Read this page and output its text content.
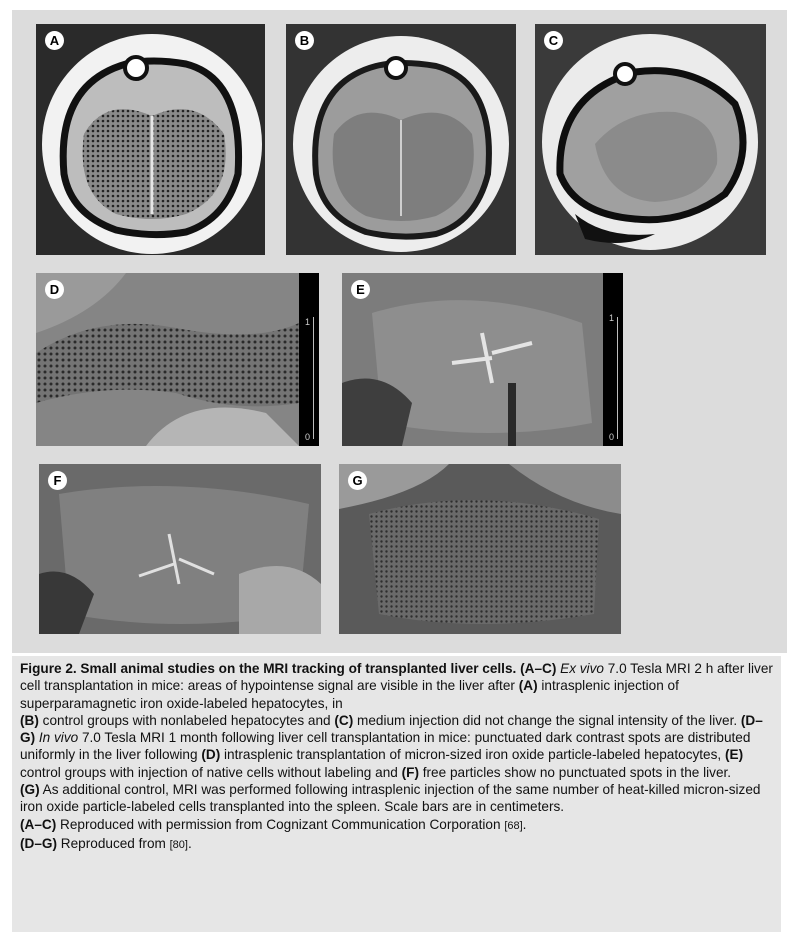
A	B	C
1
0
D
1
0
E
F	G
Figure 2. Small animal studies on the MRI tracking of transplanted liver cells. (A–C) Ex vivo 7.0 Tesla MRI 2 h after liver cell transplantation in mice: areas of hypointense signal are visible in the liver after (A) intrasplenic injection of superparamagnetic iron oxide-labeled hepatocytes, in
(B) control groups with nonlabeled hepatocytes and (C) medium injection did not change the signal intensity of the liver. (D–G) In vivo 7.0 Tesla MRI 1 month following liver cell transplantation in mice: punctuated dark contrast spots are distributed uniformly in the liver following (D) intrasplenic transplantation of micron-sized iron oxide particle-labeled hepatocytes, (E) control groups with injection of native cells without labeling and (F) free particles show no punctuated spots in the liver.
(G) As additional control, MRI was performed following intrasplenic injection of the same number of heat-killed micron-sized iron oxide particle-labeled cells transplanted into the spleen. Scale bars are in centimeters.
(A–C) Reproduced with permission from Cognizant Communication Corporation [68].
(D–G) Reproduced from [80].
